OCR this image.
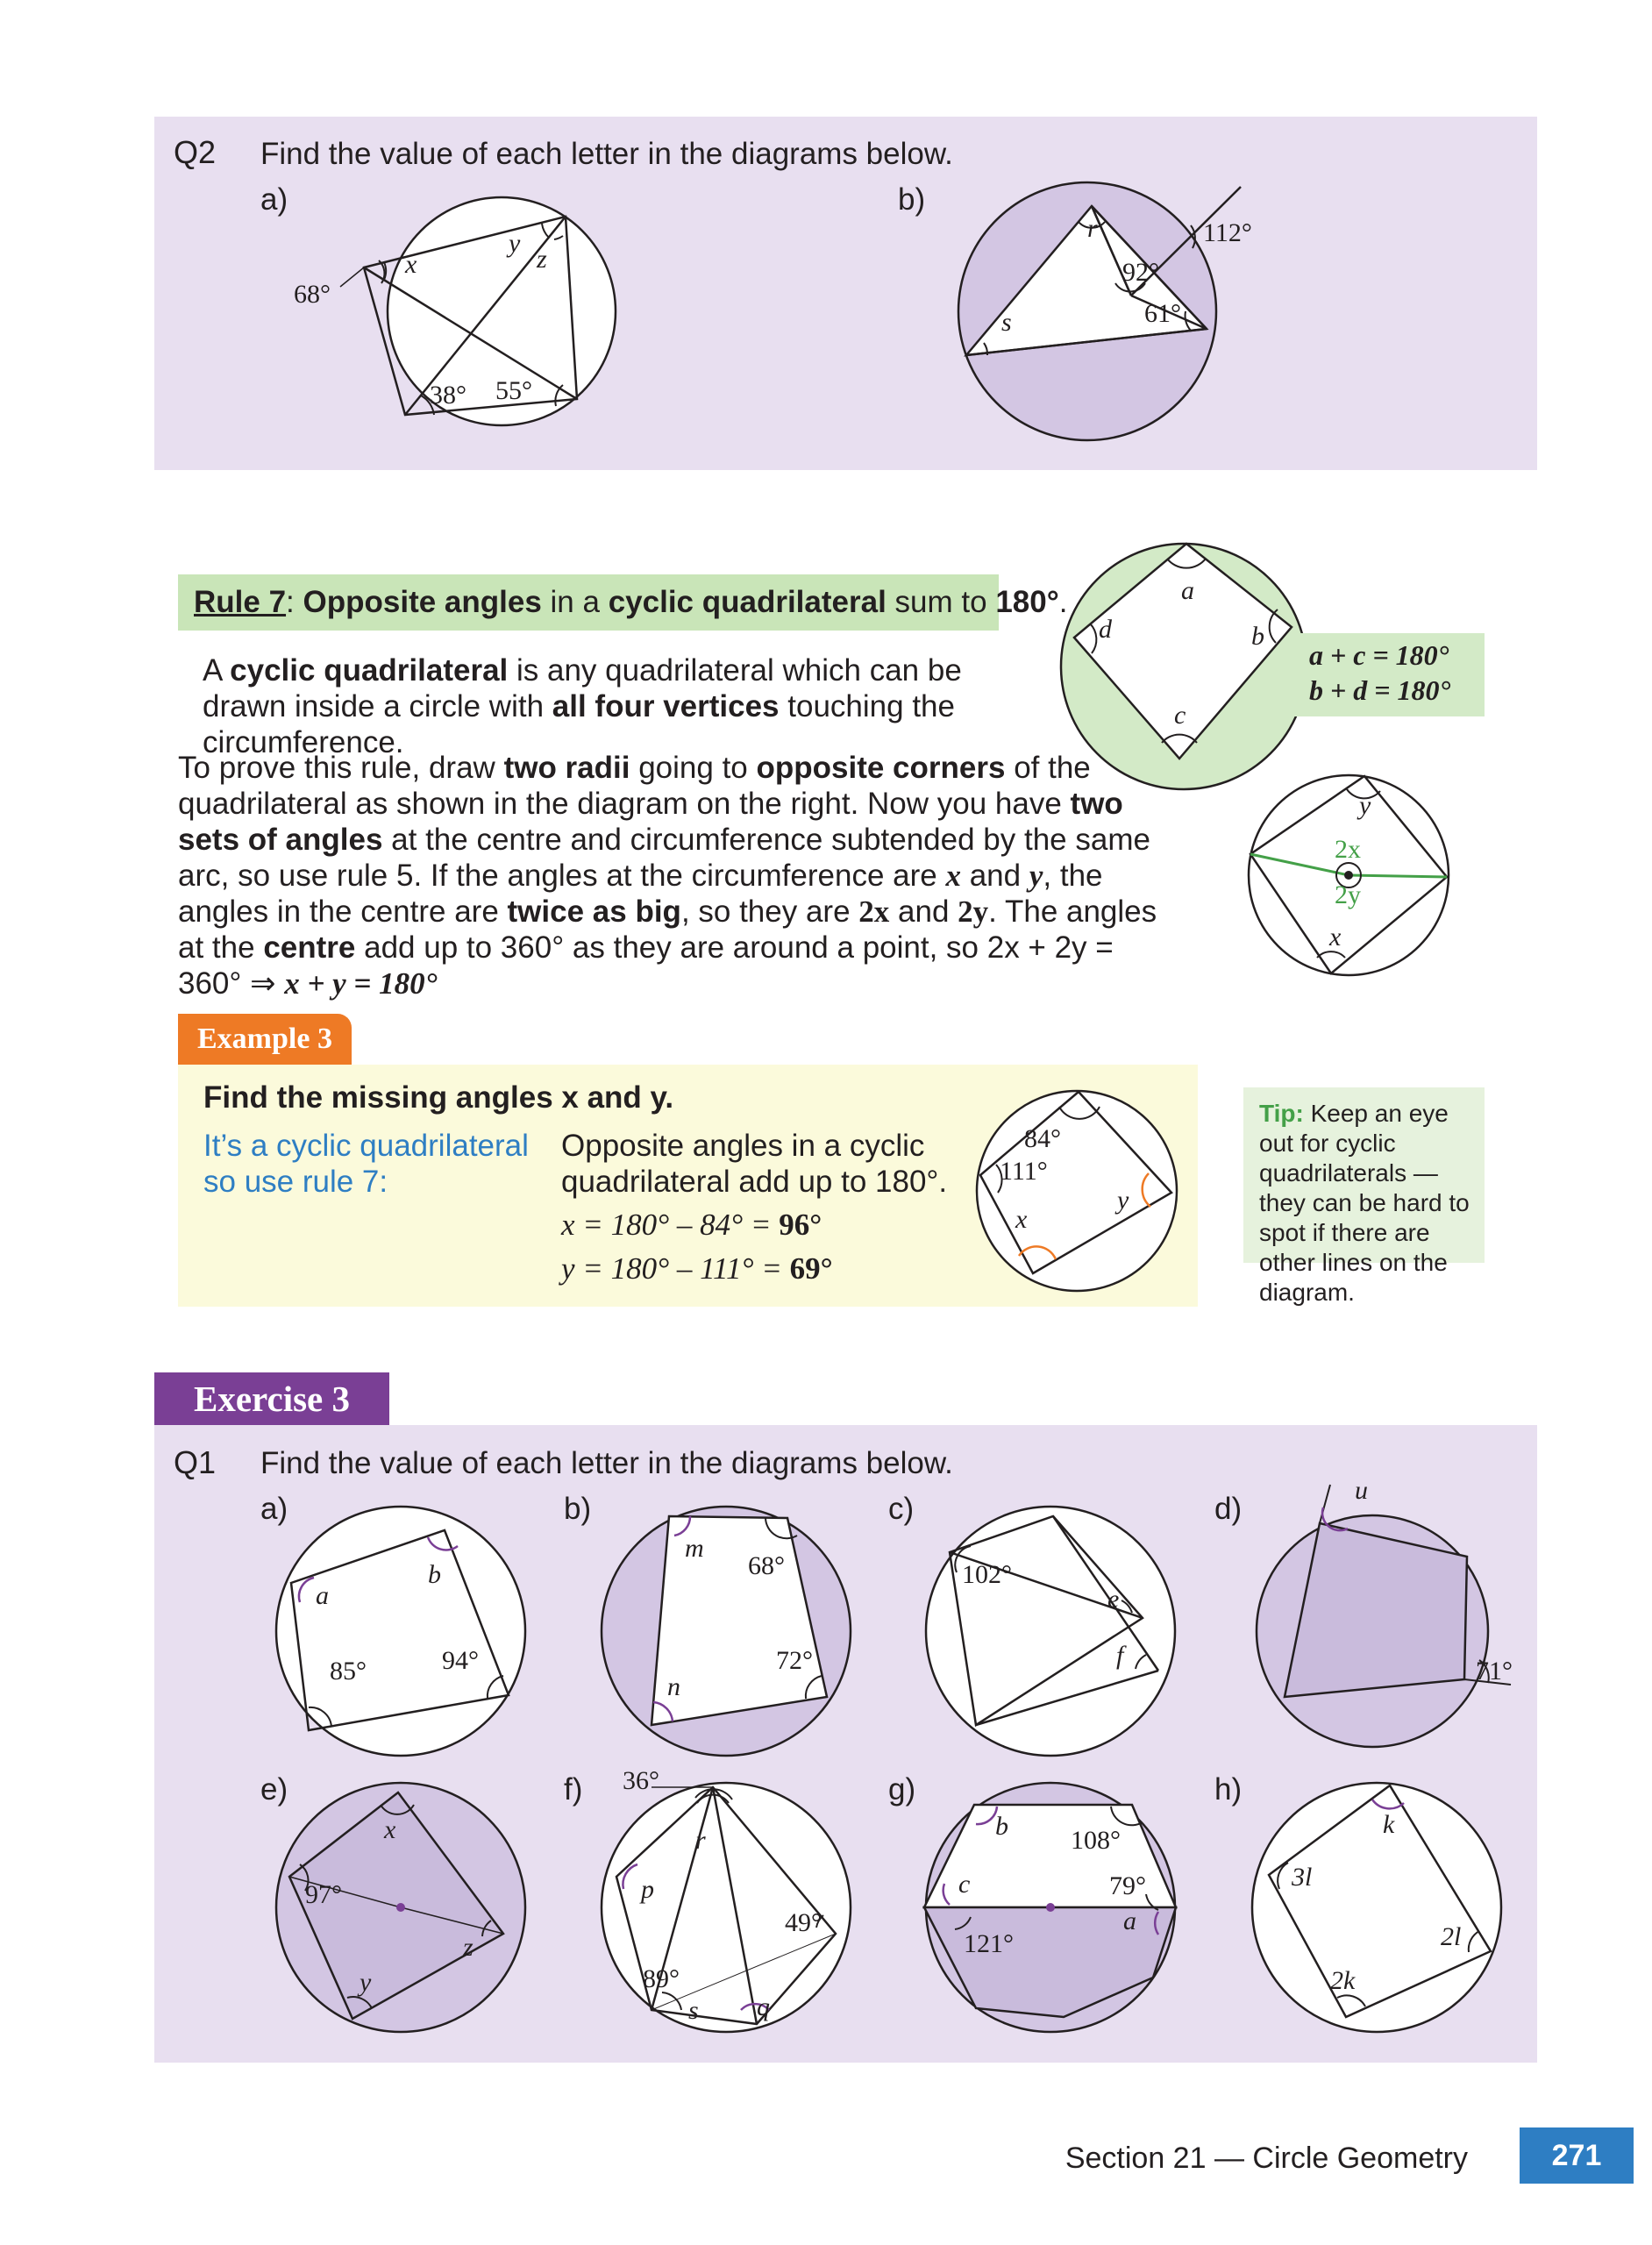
Q2 Find the value of each letter in the diagrams below.
a)	b)
68°
x
y
z
38° 55°
r	112°
92°
61°
s
Rule 7: Opposite angles in a cyclic quadrilateral sum to 180°.
A cyclic quadrilateral is any quadrilateral which can be drawn inside a circle with all four vertices touching the circumference.
a
d	b
c
a + c = 180°
b + d = 180°
To prove this rule, draw two radii going to opposite corners of the quadrilateral as shown in the diagram on the right. Now you have two sets of angles at the centre and circumference subtended by the same arc, so use rule 5. If the angles at the circumference are x and y, the angles in the centre are twice as big, so they are 2x and 2y. The angles at the centre add up to 360° as they are around a point, so 2x + 2y = 360° ⇒ x + y = 180°
y
2x
2y
x
Example 3
Find the missing angles x and y.
It’s a cyclic quadrilateral
so use rule 7:
Opposite angles in a cyclic
quadrilateral add up to 180°.
x = 180° – 84° = 96°
y = 180° – 111° = 69°
84°
111°
x
y
Tip: Keep an eye out for cyclic quadrilaterals — they can be hard to spot if there are other lines on the diagram.
Exercise 3
Q1 Find the value of each letter in the diagrams below.
a)	b)	c)	d)
e)	f)	g)	h)
a
b
85°	94°
m
68°
72°
n
102°
e
f
u
71°
x
97°
z
y
36°
r
p
49°
89°
s q
b 108°
c	79°
a
121°
k
3l
2l
2k
Section 21 — Circle Geometry	271
